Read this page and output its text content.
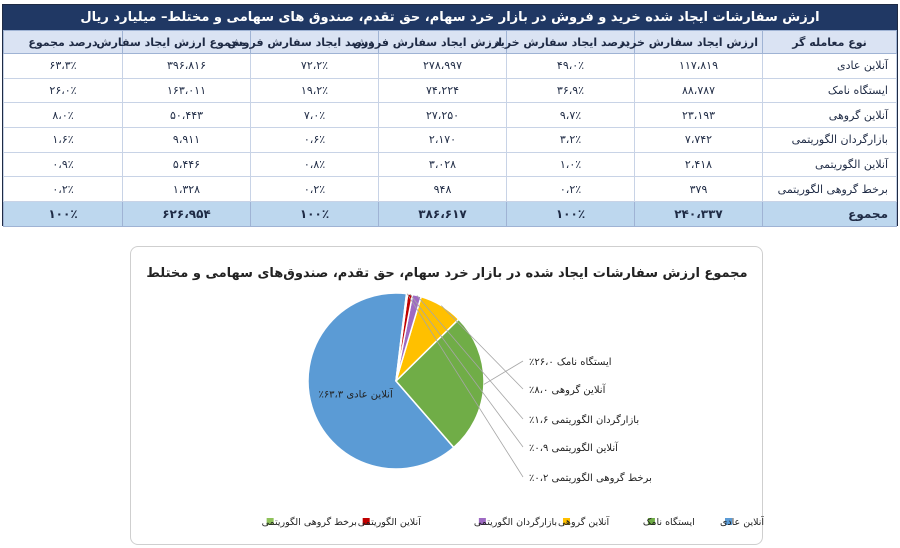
ارزش سفارشات ایجاد شده خرید و فروش در بازار خرد سهام، حق تقدم، صندوق های سهامی و مختلط– میلیارد ریال
نوع معامله گر	ارزش ایجاد سفارش خرید	درصد ایجاد سفارش خرید	ارزش ایجاد سفارش فروش	درصد ایجاد سفارش فروش	مجموع ارزش ایجاد سفارش	درصد مجموع
آنلاین عادی	۱۱۷،۸۱۹	۴۹،۰٪	۲۷۸،۹۹۷	۷۲،۲٪	۳۹۶،۸۱۶	۶۳،۳٪
ایستگاه نامک	۸۸،۷۸۷	۳۶،۹٪	۷۴،۲۲۴	۱۹،۲٪	۱۶۳،۰۱۱	۲۶،۰٪
آنلاین گروهی	۲۳،۱۹۳	۹،۷٪	۲۷،۲۵۰	۷،۰٪	۵۰،۴۴۳	۸،۰٪
بازارگردان الگوریتمی	۷،۷۴۲	۳،۲٪	۲،۱۷۰	۰،۶٪	۹،۹۱۱	۱،۶٪
آنلاین الگوریتمی	۲،۴۱۸	۱،۰٪	۳،۰۲۸	۰،۸٪	۵،۴۴۶	۰،۹٪
برخط گروهی الگوریتمی	۳۷۹	۰،۲٪	۹۴۸	۰،۲٪	۱،۳۲۸	۰،۲٪
مجموع	۲۴۰،۳۳۷	۱۰۰٪	۳۸۶،۶۱۷	۱۰۰٪	۶۲۶،۹۵۴	۱۰۰٪
مجموع ارزش سفارشات ایجاد شده در بازار خرد سهام، حق تقدم، صندوق‌های سهامی و مختلط
آنلاین عادی ۶۳،۳٪
ایستگاه نامک ۲۶،۰٪
آنلاین گروهی ۸،۰٪
بازارگردان الگوریتمی ۱،۶٪
آنلاین الگوریتمی ۰،۹٪
برخط گروهی الگوریتمی ۰،۲٪
آنلاین عادی
ایستگاه نامک
آنلاین گروهی
بازارگردان الگوریتمی
آنلاین الگوریتمی
برخط گروهی الگوریتمی
